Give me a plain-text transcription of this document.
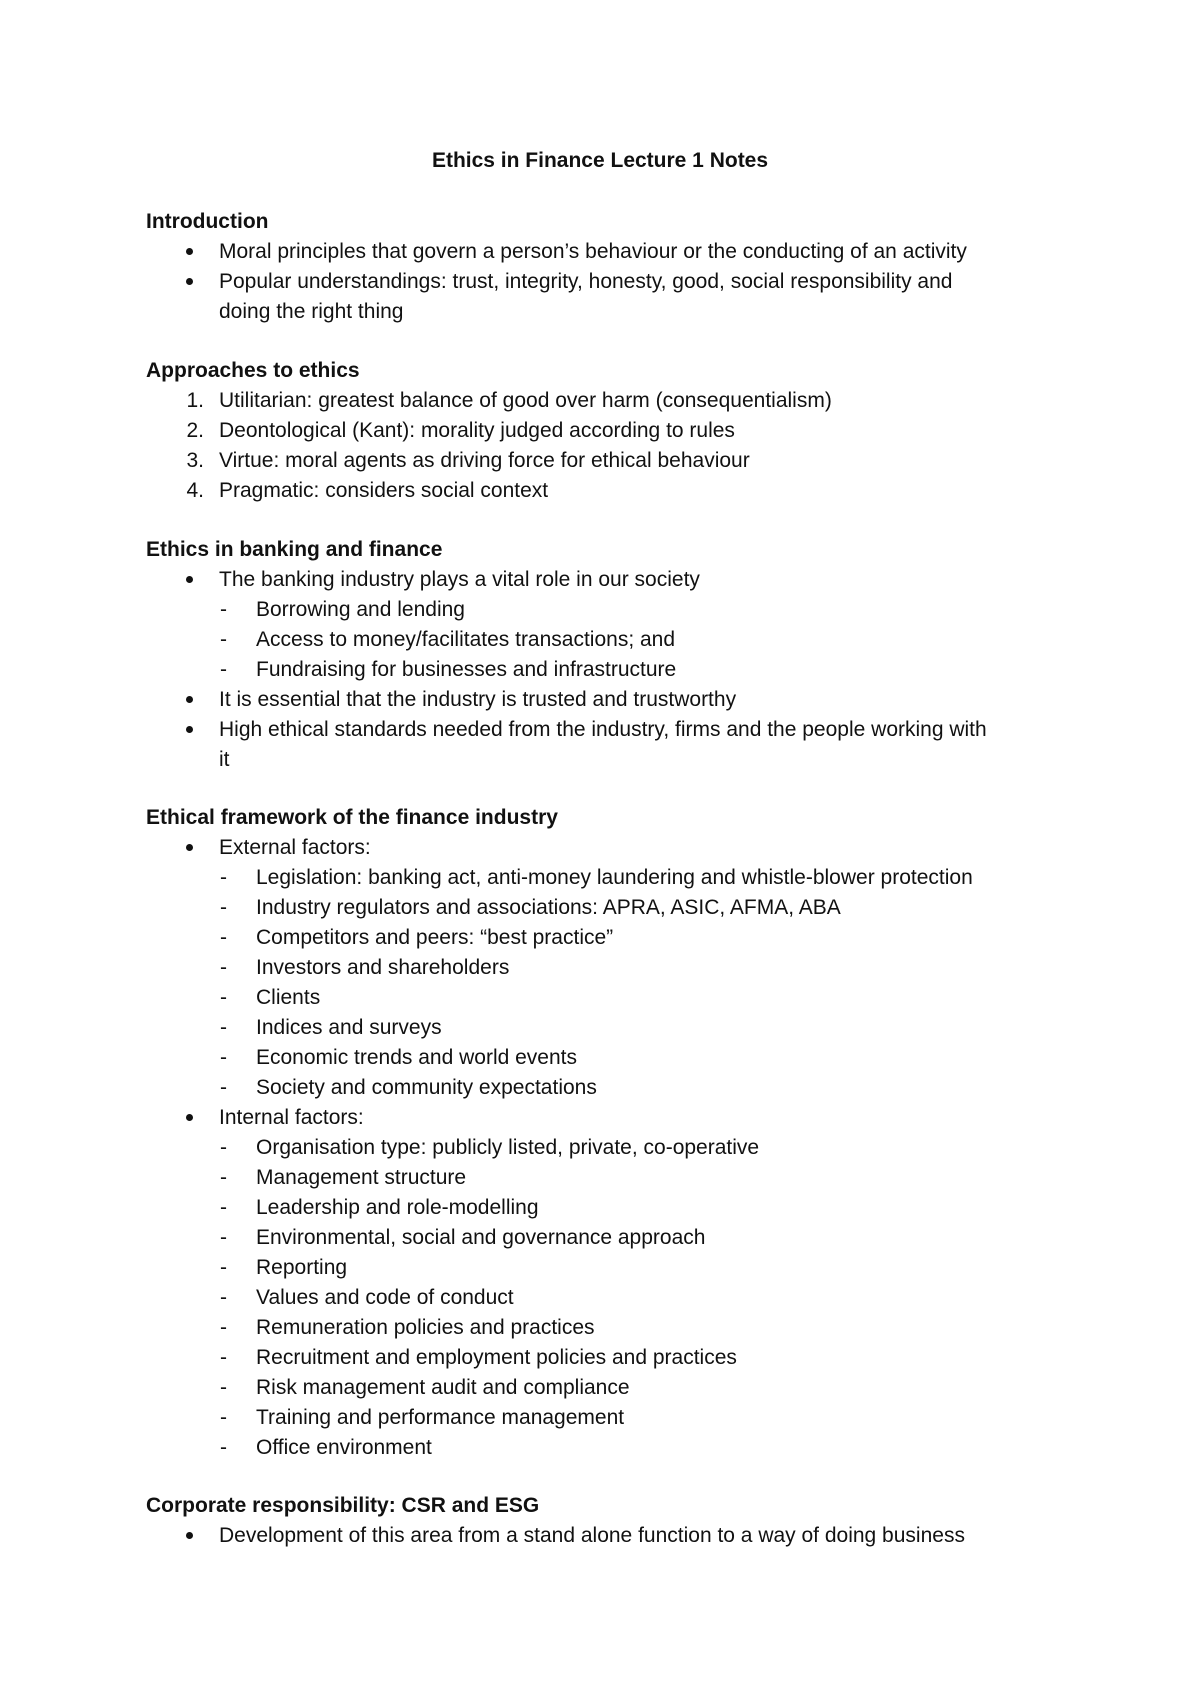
Ethics in Finance Lecture 1 Notes
Introduction
Moral principles that govern a person’s behaviour or the conducting of an activity
Popular understandings: trust, integrity, honesty, good, social responsibility and
doing the right thing
Approaches to ethics
1. Utilitarian: greatest balance of good over harm (consequentialism)
2. Deontological (Kant): morality judged according to rules
3. Virtue: moral agents as driving force for ethical behaviour
4. Pragmatic: considers social context
Ethics in banking and finance
The banking industry plays a vital role in our society
- Borrowing and lending
- Access to money/facilitates transactions; and
- Fundraising for businesses and infrastructure
It is essential that the industry is trusted and trustworthy
High ethical standards needed from the industry, firms and the people working with
it
Ethical framework of the finance industry
External factors:
- Legislation: banking act, anti-money laundering and whistle-blower protection
- Industry regulators and associations: APRA, ASIC, AFMA, ABA
- Competitors and peers: “best practice”
- Investors and shareholders
- Clients
- Indices and surveys
- Economic trends and world events
- Society and community expectations
Internal factors:
- Organisation type: publicly listed, private, co-operative
- Management structure
- Leadership and role-modelling
- Environmental, social and governance approach
- Reporting
- Values and code of conduct
- Remuneration policies and practices
- Recruitment and employment policies and practices
- Risk management audit and compliance
- Training and performance management
- Office environment
Corporate responsibility: CSR and ESG
Development of this area from a stand alone function to a way of doing business
